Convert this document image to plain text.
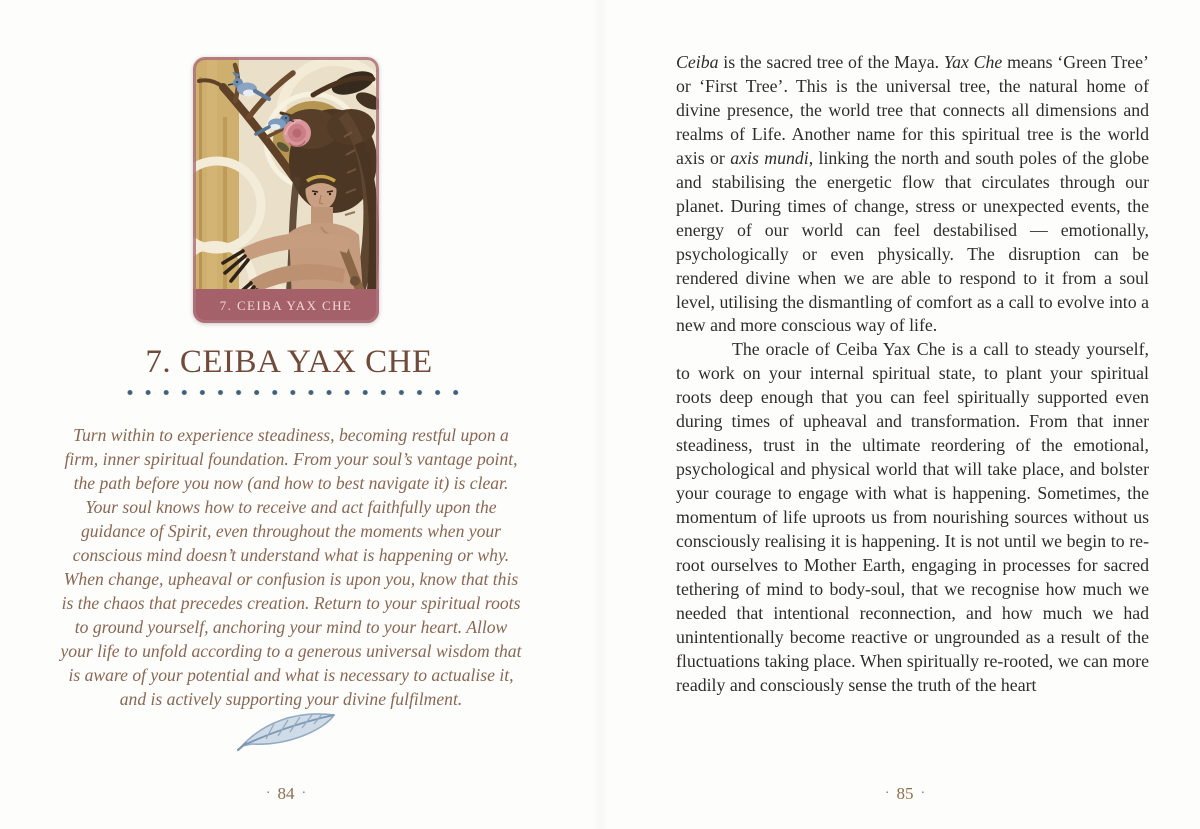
7. CEIBA YAX CHE
7. CEIBA YAX CHE
Turn within to experience steadiness, becoming restful upon a firm, inner spiritual foundation. From your soul’s vantage point, the path before you now (and how to best navigate it) is clear. Your soul knows how to receive and act faithfully upon the guidance of Spirit, even throughout the moments when your conscious mind doesn’t understand what is happening or why. When change, upheaval or confusion is upon you, know that this is the chaos that precedes creation. Return to your spiritual roots to ground yourself, anchoring your mind to your heart. Allow your life to unfold according to a generous universal wisdom that is aware of your potential and what is necessary to actualise it, and is actively supporting your divine fulfilment.
· 84 ·

Ceiba is the sacred tree of the Maya. Yax Che means ‘Green Tree’ or ‘First Tree’. This is the universal tree, the natural home of divine presence, the world tree that connects all dimensions and realms of Life. Another name for this spiritual tree is the world axis or axis mundi, linking the north and south poles of the globe and stabilising the energetic flow that circulates through our planet. During times of change, stress or unexpected events, the energy of our world can feel destabilised — emotionally, psychologically or even physically. The disruption can be rendered divine when we are able to respond to it from a soul level, utilising the dismantling of comfort as a call to evolve into a new and more conscious way of life.

The oracle of Ceiba Yax Che is a call to steady yourself, to work on your internal spiritual state, to plant your spiritual roots deep enough that you can feel spiritually supported even during times of upheaval and transformation. From that inner steadiness, trust in the ultimate reordering of the emotional, psychological and physical world that will take place, and bolster your courage to engage with what is happening. Sometimes, the momentum of life uproots us from nourishing sources without us consciously realising it is happening. It is not until we begin to re-root ourselves to Mother Earth, engaging in processes for sacred tethering of mind to body-soul, that we recognise how much we needed that intentional reconnection, and how much we had unintentionally become reactive or ungrounded as a result of the fluctuations taking place. When spiritually re-rooted, we can more readily and consciously sense the truth of the heart

· 85 ·
